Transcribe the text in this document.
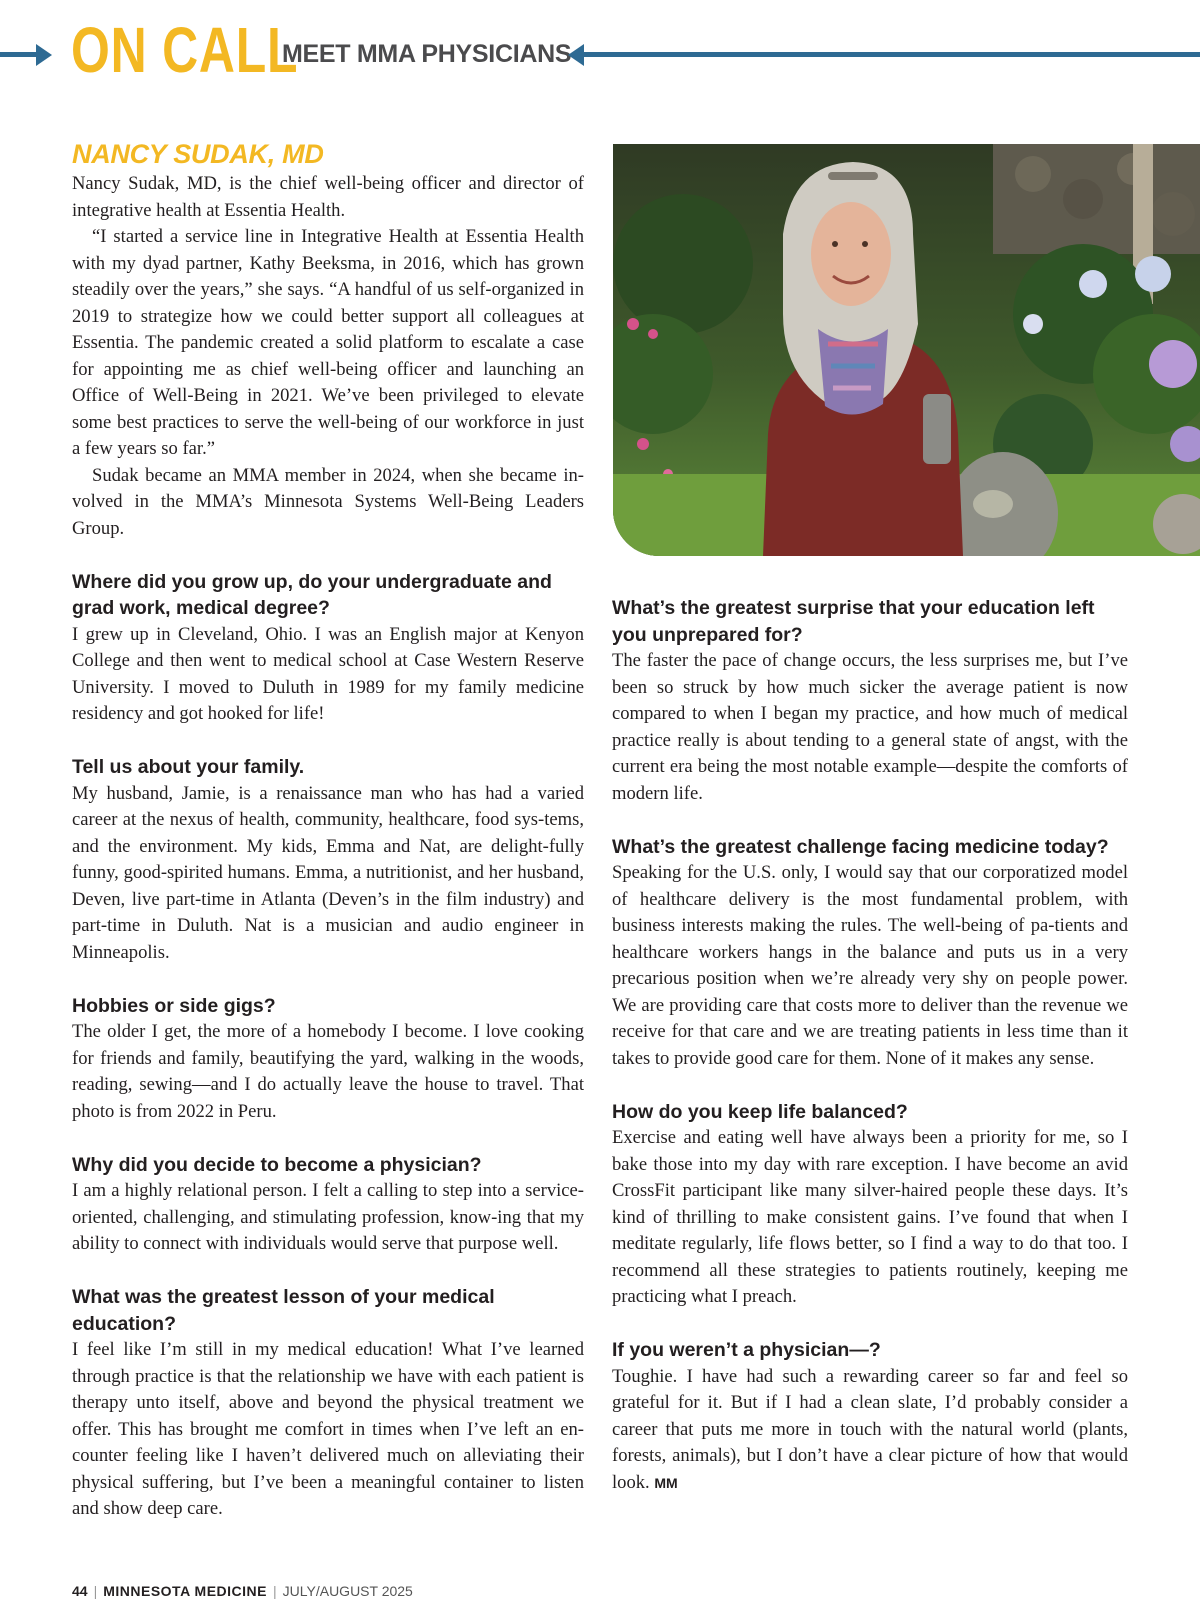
ON CALL
MEET MMA PHYSICIANS
NANCY SUDAK, MD

Nancy Sudak, MD, is the chief well-being officer and director of integrative health at Essentia Health.

“I started a service line in Integrative Health at Essentia Health with my dyad partner, Kathy Beeksma, in 2016, which has grown steadily over the years,” she says. “A handful of us self-organized in 2019 to strategize how we could better support all colleagues at Essentia. The pandemic created a solid platform to escalate a case for appointing me as chief well-being officer and launching an Office of Well-Being in 2021. We’ve been privileged to elevate some best practices to serve the well-being of our workforce in just a few years so far.”

Sudak became an MMA member in 2024, when she became in-volved in the MMA’s Minnesota Systems Well-Being Leaders Group.

Where did you grow up, do your undergraduate and grad work, medical degree?

I grew up in Cleveland, Ohio. I was an English major at Kenyon College and then went to medical school at Case Western Reserve University. I moved to Duluth in 1989 for my family medicine residency and got hooked for life!

Tell us about your family.

My husband, Jamie, is a renaissance man who has had a varied career at the nexus of health, community, healthcare, food sys-tems, and the environment. My kids, Emma and Nat, are delight-fully funny, good-spirited humans. Emma, a nutritionist, and her husband, Deven, live part-time in Atlanta (Deven’s in the film industry) and part-time in Duluth. Nat is a musician and audio engineer in Minneapolis.

Hobbies or side gigs?

The older I get, the more of a homebody I become. I love cooking for friends and family, beautifying the yard, walking in the woods, reading, sewing—and I do actually leave the house to travel. That photo is from 2022 in Peru.

Why did you decide to become a physician?

I am a highly relational person. I felt a calling to step into a service-oriented, challenging, and stimulating profession, know-ing that my ability to connect with individuals would serve that purpose well.

What was the greatest lesson of your medical education?

I feel like I’m still in my medical education! What I’ve learned through practice is that the relationship we have with each patient is therapy unto itself, above and beyond the physical treatment we offer. This has brought me comfort in times when I’ve left an en-counter feeling like I haven’t delivered much on alleviating their physical suffering, but I’ve been a meaningful container to listen and show deep care.

What’s the greatest surprise that your education left you unprepared for?

The faster the pace of change occurs, the less surprises me, but I’ve been so struck by how much sicker the average patient is now compared to when I began my practice, and how much of medical practice really is about tending to a general state of angst, with the current era being the most notable example—despite the comforts of modern life.

What’s the greatest challenge facing medicine today?

Speaking for the U.S. only, I would say that our corporatized model of healthcare delivery is the most fundamental problem, with business interests making the rules. The well-being of pa-tients and healthcare workers hangs in the balance and puts us in a very precarious position when we’re already very shy on people power. We are providing care that costs more to deliver than the revenue we receive for that care and we are treating patients in less time than it takes to provide good care for them. None of it makes any sense.

How do you keep life balanced?

Exercise and eating well have always been a priority for me, so I bake those into my day with rare exception. I have become an avid CrossFit participant like many silver-haired people these days. It’s kind of thrilling to make consistent gains. I’ve found that when I meditate regularly, life flows better, so I find a way to do that too. I recommend all these strategies to patients routinely, keeping me practicing what I preach.

If you weren’t a physician—?

Toughie. I have had such a rewarding career so far and feel so grateful for it. But if I had a clean slate, I’d probably consider a career that puts me more in touch with the natural world (plants, forests, animals), but I don’t have a clear picture of how that would look. MM

44 | MINNESOTA MEDICINE | JULY/AUGUST 2025
